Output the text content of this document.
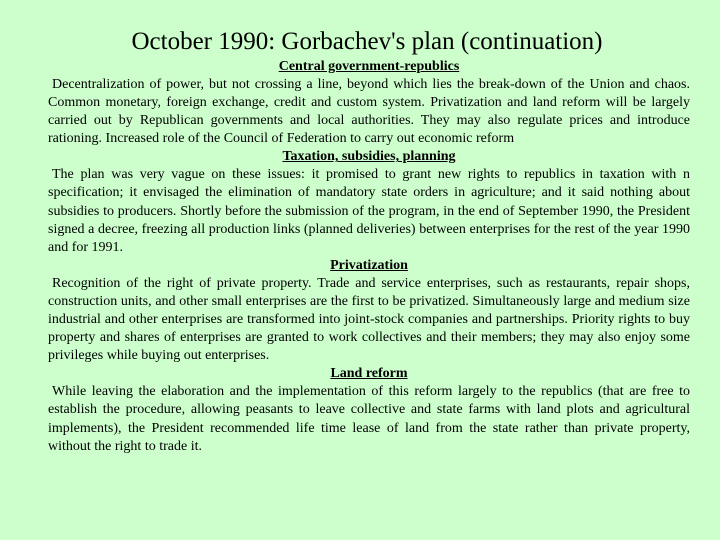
October 1990: Gorbachev's plan (continuation)
Central government-republics

Decentralization of power, but not crossing a line, beyond which lies the break-down of the Union and chaos. Common monetary, foreign exchange, credit and custom system. Privatization and land reform will be largely carried out by Republican governments and local authorities. They may also regulate prices and introduce rationing. Increased role of the Council of Federation to carry out economic reform

Taxation, subsidies, planning

The plan was very vague on these issues: it promised to grant new rights to republics in taxation with n specification; it envisaged the elimination of mandatory state orders in agriculture; and it said nothing about subsidies to producers. Shortly before the submission of the program, in the end of September 1990, the President signed a decree, freezing all production links (planned deliveries) between enterprises for the rest of the year 1990 and for 1991.

Privatization

Recognition of the right of private property. Trade and service enterprises, such as restaurants, repair shops, construction units, and other small enterprises are the first to be privatized. Simultaneously large and medium size industrial and other enterprises are transformed into joint-stock companies and partnerships. Priority rights to buy property and shares of enterprises are granted to work collectives and their members; they may also enjoy some privileges while buying out enterprises.

Land reform

While leaving the elaboration and the implementation of this reform largely to the republics (that are free to establish the procedure, allowing peasants to leave collective and state farms with land plots and agricultural implements), the President recommended life time lease of land from the state rather than private property, without the right to trade it.
